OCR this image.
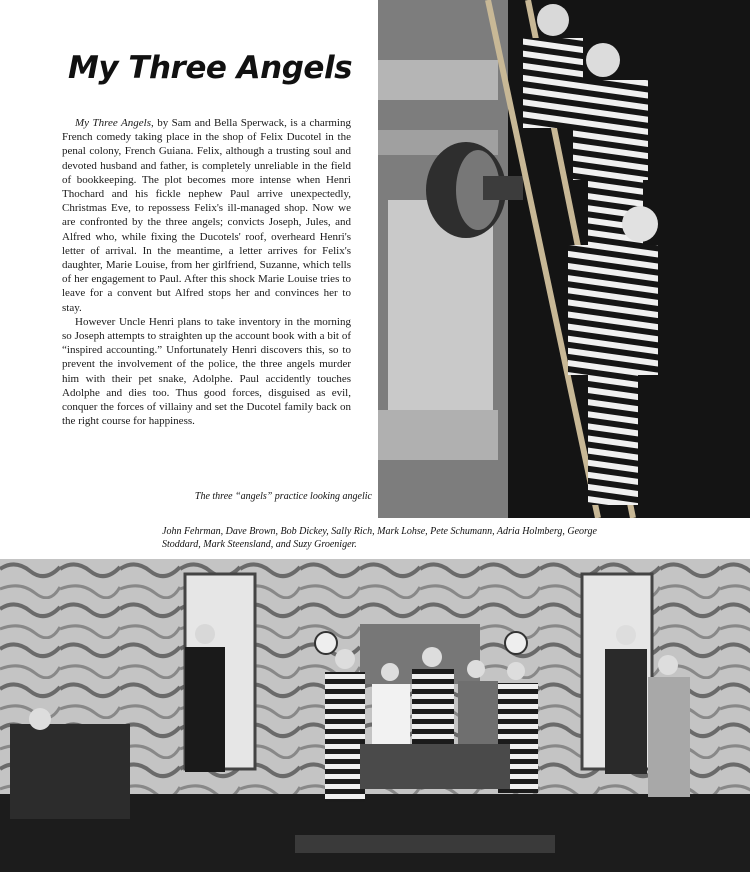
My Three Angels

My Three Angels, by Sam and Bella Sperwack, is a charming French comedy taking place in the shop of Felix Ducotel in the penal colony, French Guiana. Felix, although a trusting soul and devoted husband and father, is completely unreliable in the field of bookkeeping. The plot becomes more intense when Henri Thochard and his fickle nephew Paul arrive unexpectedly, Christmas Eve, to repossess Felix's ill-managed shop. Now we are confronted by the three angels; convicts Joseph, Jules, and Alfred who, while fixing the Ducotels' roof, overheard Henri's letter of arrival. In the meantime, a letter arrives for Felix's daughter, Marie Louise, from her girlfriend, Suzanne, which tells of her engagement to Paul. After this shock Marie Louise tries to leave for a convent but Alfred stops her and convinces her to stay.

However Uncle Henri plans to take inventory in the morning so Joseph attempts to straighten up the account book with a bit of “inspired accounting.” Unfortunately Henri discovers this, so to prevent the involvement of the police, the three angels murder him with their pet snake, Adolphe. Paul accidently touches Adolphe and dies too. Thus good forces, disguised as evil, conquer the forces of villainy and set the Ducotel family back on the right course for happiness.

The three “angels” practice looking angelic
John Fehrman, Dave Brown, Bob Dickey, Sally Rich, Mark Lohse, Pete Schumann, Adria Holmberg, George Stoddard, Mark Steensland, and Suzy Groeniger.
